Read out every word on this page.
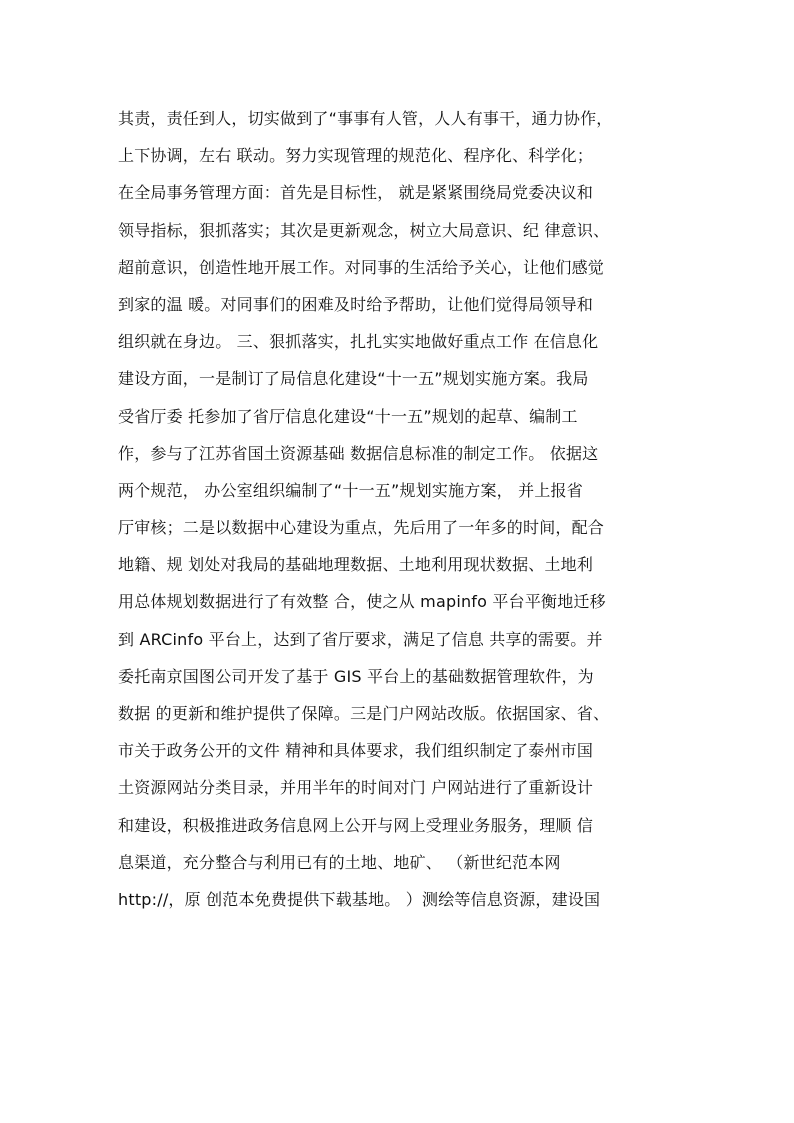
其责，责任到人，切实做到了“事事有人管，人人有事干，通力协作，
上下协调，左右 联动。努力实现管理的规范化、程序化、科学化；
在全局事务管理方面：首先是目标性， 就是紧紧围绕局党委决议和
领导指标，狠抓落实；其次是更新观念，树立大局意识、纪 律意识、
超前意识，创造性地开展工作。对同事的生活给予关心，让他们感觉
到家的温 暖。对同事们的困难及时给予帮助，让他们觉得局领导和
组织就在身边。 三、狠抓落实，扎扎实实地做好重点工作 在信息化
建设方面，一是制订了局信息化建设“十一五”规划实施方案。我局
受省厅委 托参加了省厅信息化建设“十一五”规划的起草、编制工
作，参与了江苏省国土资源基础 数据信息标准的制定工作。 依据这
两个规范， 办公室组织编制了“十一五”规划实施方案， 并上报省
厅审核；二是以数据中心建设为重点，先后用了一年多的时间，配合
地籍、规 划处对我局的基础地理数据、土地利用现状数据、土地利
用总体规划数据进行了有效整 合，使之从 mapinfo 平台平衡地迁移
到 ARCinfo 平台上，达到了省厅要求，满足了信息 共享的需要。并
委托南京国图公司开发了基于 GIS 平台上的基础数据管理软件，为
数据 的更新和维护提供了保障。三是门户网站改版。依据国家、省、
市关于政务公开的文件 精神和具体要求，我们组织制定了泰州市国
土资源网站分类目录，并用半年的时间对门 户网站进行了重新设计
和建设，积极推进政务信息网上公开与网上受理业务服务，理顺 信
息渠道，充分整合与利用已有的土地、地矿、 （新世纪范本网
http://，原 创范本免费提供下载基地。 ）测绘等信息资源，建设国
